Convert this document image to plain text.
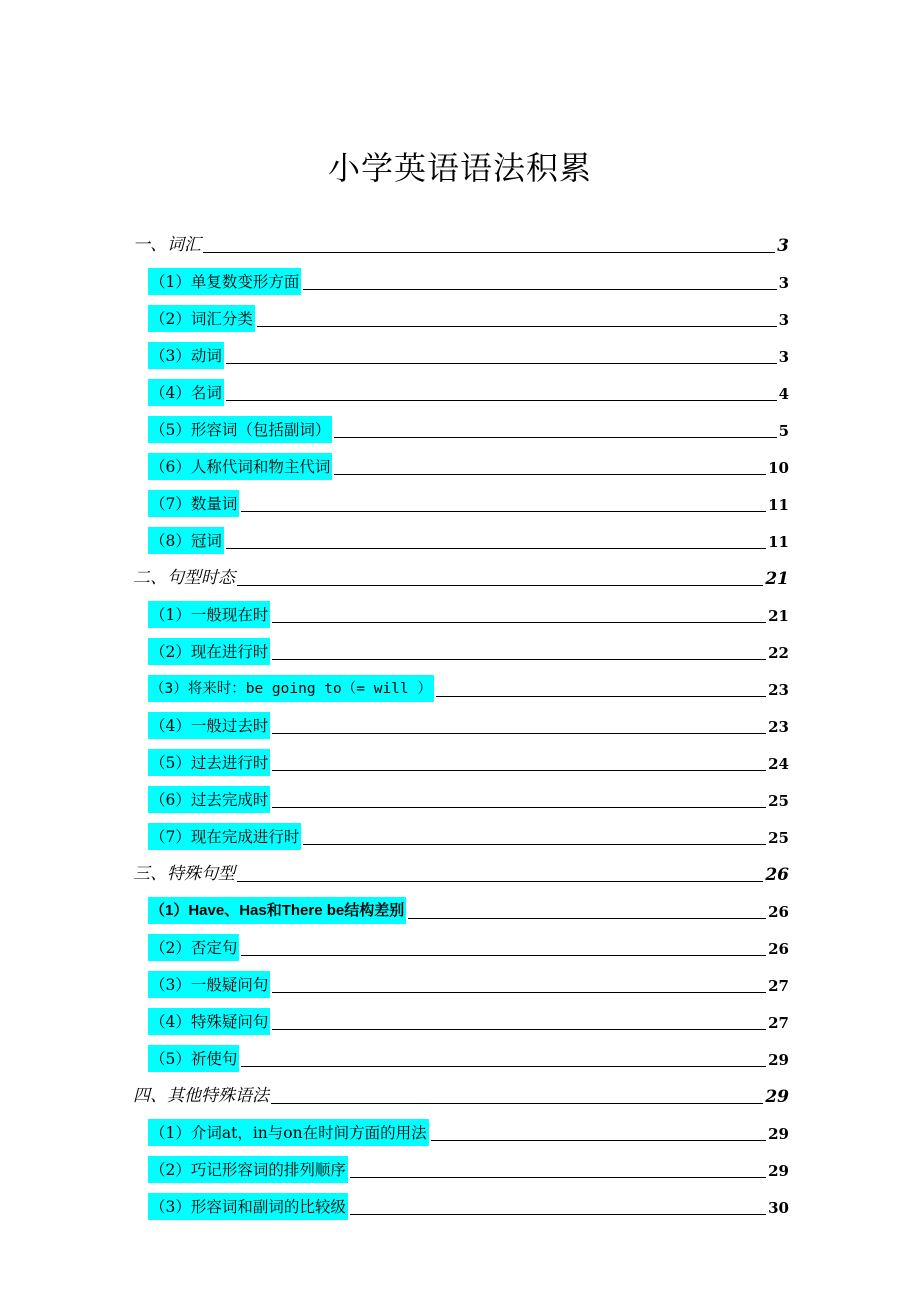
小学英语语法积累
一、词汇	3
（1）单复数变形方面	3
（2）词汇分类	3
（3）动词	3
（4）名词	4
（5）形容词（包括副词）	5
（6）人称代词和物主代词	10
（7）数量词	11
（8）冠词	11
二、句型时态	21
（1）一般现在时	21
（2）现在进行时	22
（3）将来时：be going to（= will ）	23
（4）一般过去时	23
（5）过去进行时	24
（6）过去完成时	25
（7）现在完成进行时	25
三、特殊句型	26
（1）Have、Has和There be结构差别	26
（2）否定句	26
（3）一般疑问句	27
（4）特殊疑问句	27
（5）祈使句	29
四、其他特殊语法	29
（1）介词at，in与on在时间方面的用法	29
（2）巧记形容词的排列顺序	29
（3）形容词和副词的比较级	30
